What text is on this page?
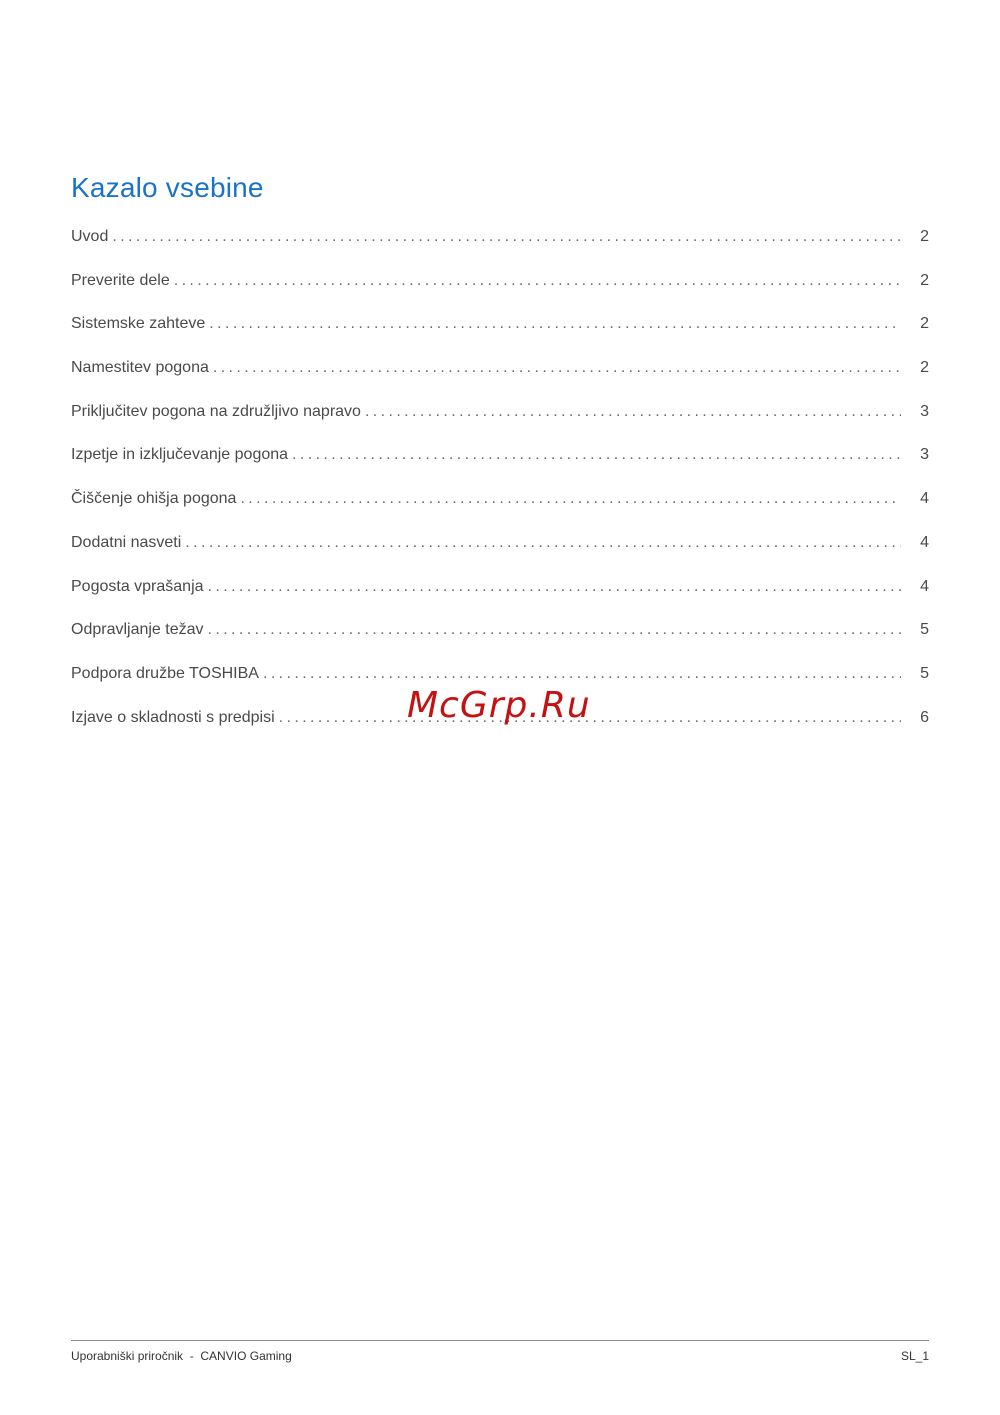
Kazalo vsebine
Uvod .....	2
Preverite dele .....	2
Sistemske zahteve .....	2
Namestitev pogona .....	2
Priključitev pogona na združljivo napravo .....	3
Izpetje in izključevanje pogona .....	3
Čiščenje ohišja pogona .....	4
Dodatni nasveti .....	4
Pogosta vprašanja .....	4
Odpravljanje težav .....	5
Podpora družbe TOSHIBA .....	5
Izjave o skladnosti s predpisi .....	6
McGrp.Ru
Uporabniški priročnik - CANVIO Gaming	SL_1
